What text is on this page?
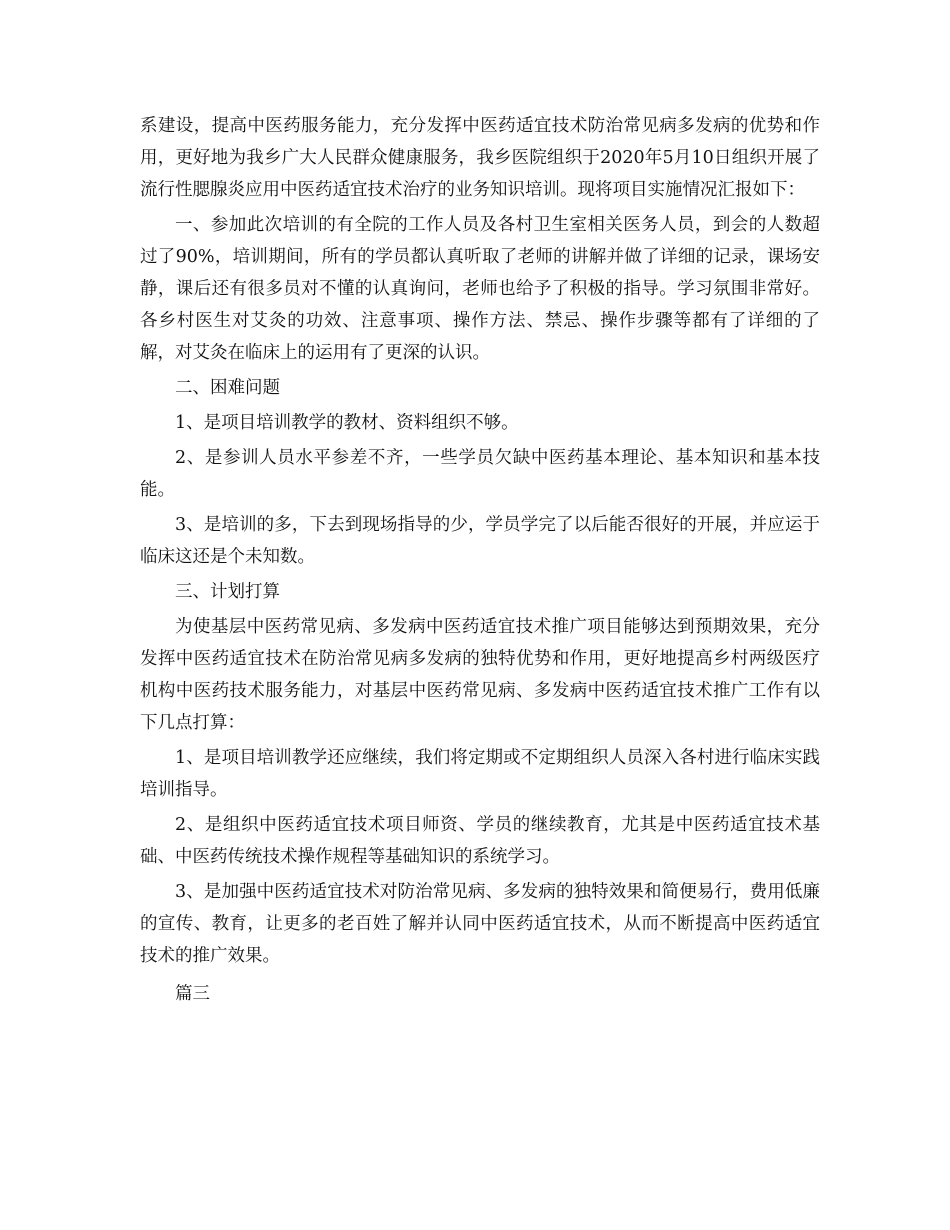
系建设，提高中医药服务能力，充分发挥中医药适宜技术防治常见病多发病的优势和作用，更好地为我乡广大人民群众健康服务，我乡医院组织于2020年5月10日组织开展了流行性腮腺炎应用中医药适宜技术治疗的业务知识培训。现将项目实施情况汇报如下：

一、参加此次培训的有全院的工作人员及各村卫生室相关医务人员，到会的人数超过了90%，培训期间，所有的学员都认真听取了老师的讲解并做了详细的记录，课场安静，课后还有很多员对不懂的认真询问，老师也给予了积极的指导。学习氛围非常好。各乡村医生对艾灸的功效、注意事项、操作方法、禁忌、操作步骤等都有了详细的了解，对艾灸在临床上的运用有了更深的认识。

二、困难问题

1、是项目培训教学的教材、资料组织不够。

2、是参训人员水平参差不齐，一些学员欠缺中医药基本理论、基本知识和基本技能。

3、是培训的多，下去到现场指导的少，学员学完了以后能否很好的开展，并应运于临床这还是个未知数。

三、计划打算

为使基层中医药常见病、多发病中医药适宜技术推广项目能够达到预期效果，充分发挥中医药适宜技术在防治常见病多发病的独特优势和作用，更好地提高乡村两级医疗机构中医药技术服务能力，对基层中医药常见病、多发病中医药适宜技术推广工作有以下几点打算：

1、是项目培训教学还应继续，我们将定期或不定期组织人员深入各村进行临床实践培训指导。

2、是组织中医药适宜技术项目师资、学员的继续教育，尤其是中医药适宜技术基础、中医药传统技术操作规程等基础知识的系统学习。

3、是加强中医药适宜技术对防治常见病、多发病的独特效果和简便易行，费用低廉的宣传、教育，让更多的老百姓了解并认同中医药适宜技术，从而不断提高中医药适宜技术的推广效果。

篇三
